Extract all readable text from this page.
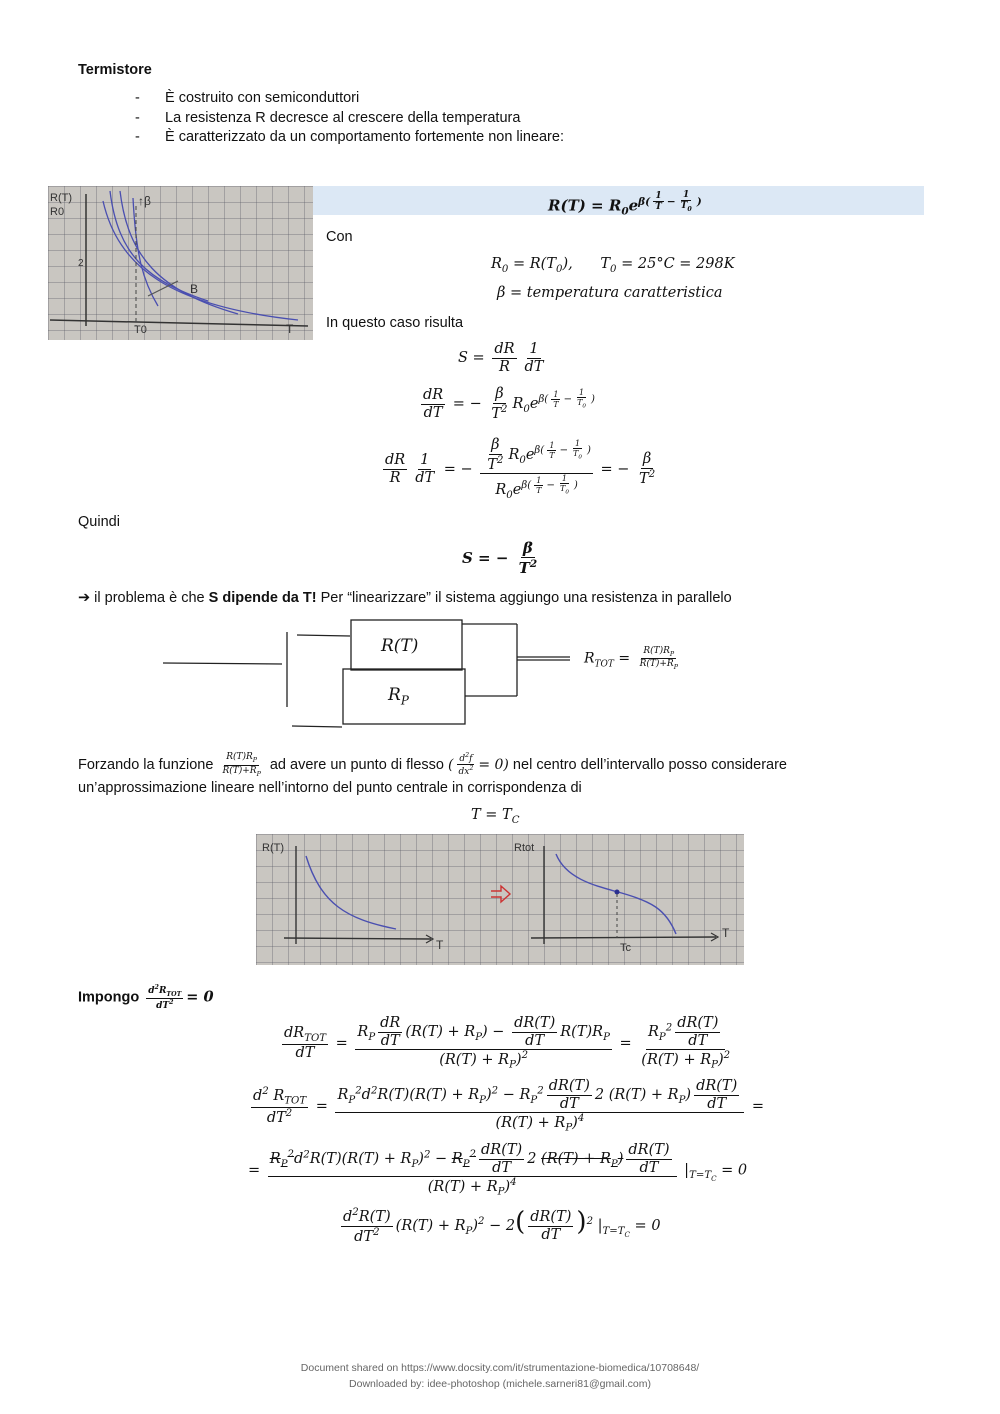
Termistore
- È costruito con semiconduttori
- La resistenza R decresce al crescere della temperatura
- È caratterizzato da un comportamento fortemente non lineare:
R(T)
R0
↑β
B
2
T0	T
$R(T) = R_0e^{\beta( \frac{1}{T} - \frac{1}{T_0} )}$
Con
$R_0 = R(T_0)$,      $T_0 = 25^\circ C = 298K$
β = temperatura caratteristica
In questo caso risulta
$S = \frac{dR}{R} \frac{1}{dT}$
$\frac{dR}{dT}$ = − $\frac{\beta}{T^2} R_0e^{\beta( \frac{1}{T} - \frac{1}{T_0} )}$
$\frac{dR}{R} \frac{1}{dT}$ = − $\frac{\beta}{T^2} R_0e^{\beta( \frac{1}{T} - \frac{1}{T_0} )}$
$R_0e^{\beta( \frac{1}{T} - \frac{1}{T_0} )}$ = − $\frac{\beta}{T^2}$
Quindi
S = − $\frac{\beta}{T^2}$
➔ il problema è che S dipende da T! Per “linearizzare” il sistema aggiungo una resistenza in parallelo
R(T)
$R_P$
$R_{TOT} = \frac{R(T)R_P}{R(T)+R_P}$
Forzando la funzione $\frac{R(T)R_P}{R(T)+R_P}$ ad avere un punto di flesso ( $\frac{d^2f}{dx^2} = 0$) nel centro dell’intervallo posso considerare
un’approssimazione lineare nell’intorno del punto centrale in corrispondenza di
$T = T_C$
R(T)
T
Rtot
T
Tc
Impongo $\frac{d^2R_{TOT}}{dT^2} = 0$
$\frac{dR_{TOT}}{dT} = \frac{R_P \frac{dR}{dT} (R(T) + R_P) - \frac{dR(T)}{dT} R(T)R_P}{(R(T) + R_P)^2} = \frac{R_P^2 \frac{dR(T)}{dT}}{(R(T) + R_P)^2}$
$\frac{d^2 R_{TOT}}{dT^2} = \frac{R_P^2d^2R(T)(R(T) + R_P)^2 - R_P^2 \frac{dR(T)}{dT} 2 (R(T) + R_P) \frac{dR(T)}{dT}}{(R(T) + R_P)^4}$ =
= $\frac{R_P^2d^2R(T)(R(T) + R_P)^2 - R_P^2 \frac{dR(T)}{dT} 2 (R(T) + R_P) \frac{dR(T)}{dT}}{(R(T) + R_P)^4} |_{T=T_C} = 0$
$\frac{d^2R(T)}{dT^2} (R(T) + R_P)^2 - 2( \frac{dR(T)}{dT} )^2$ $|_{T=T_C} = 0$
Document shared on https://www.docsity.com/it/strumentazione-biomedica/10708648/
Downloaded by: idee-photoshop (michele.sarneri81@gmail.com)
